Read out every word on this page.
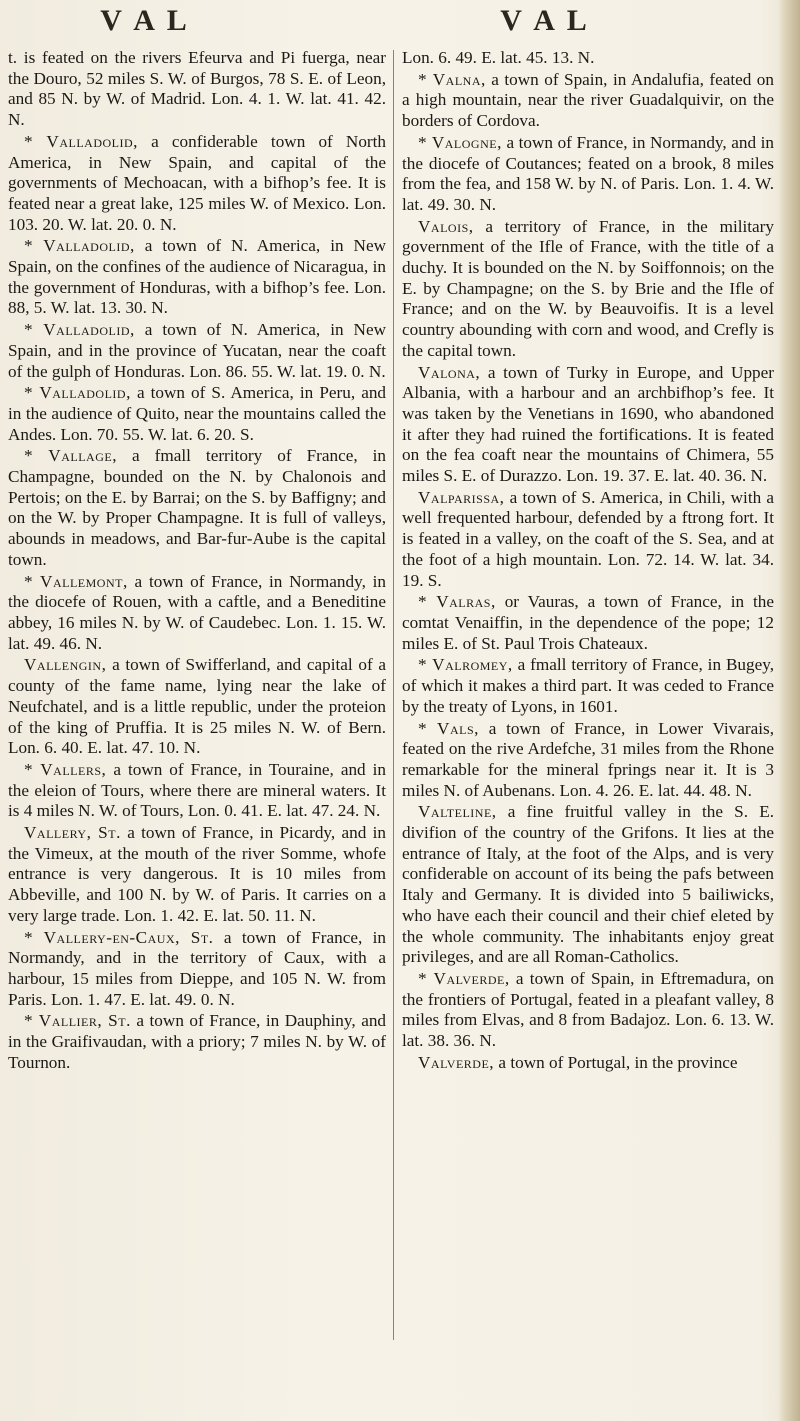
V A L	V A L

t. is feated on the rivers Efeurva and Pi fuerga, near the Douro, 52 miles S. W. of Burgos, 78 S. E. of Leon, and 85 N. by W. of Madrid. Lon. 4. 1. W. lat. 41. 42. N.

* Valladolid, a confiderable town of North America, in New Spain, and capital of the governments of Mechoacan, with a bifhop’s fee. It is feated near a great lake, 125 miles W. of Mexico. Lon. 103. 20. W. lat. 20. 0. N.

* Valladolid, a town of N. America, in New Spain, on the confines of the audience of Nicaragua, in the government of Honduras, with a bifhop’s fee. Lon. 88, 5. W. lat. 13. 30. N.

* Valladolid, a town of N. America, in New Spain, and in the province of Yucatan, near the coaft of the gulph of Honduras. Lon. 86. 55. W. lat. 19. 0. N.

* Valladolid, a town of S. America, in Peru, and in the audience of Quito, near the mountains called the Andes. Lon. 70. 55. W. lat. 6. 20. S.

* Vallage, a fmall territory of France, in Champagne, bounded on the N. by Chalonois and Pertois; on the E. by Barrai; on the S. by Baffigny; and on the W. by Proper Champagne. It is full of valleys, abounds in meadows, and Bar-fur-Aube is the capital town.

* Vallemont, a town of France, in Normandy, in the diocefe of Rouen, with a caftle, and a Beneditine abbey, 16 miles N. by W. of Caudebec. Lon. 1. 15. W. lat. 49. 46. N.

Vallengin, a town of Swifferland, and capital of a county of the fame name, lying near the lake of Neufchatel, and is a little republic, under the proteion of the king of Pruffia. It is 25 miles N. W. of Bern. Lon. 6. 40. E. lat. 47. 10. N.

* Vallers, a town of France, in Touraine, and in the eleion of Tours, where there are mineral waters. It is 4 miles N. W. of Tours, Lon. 0. 41. E. lat. 47. 24. N.

Vallery, St. a town of France, in Picardy, and in the Vimeux, at the mouth of the river Somme, whofe entrance is very dangerous. It is 10 miles from Abbeville, and 100 N. by W. of Paris. It carries on a very large trade. Lon. 1. 42. E. lat. 50. 11. N.

* Vallery-en-Caux, St. a town of France, in Normandy, and in the territory of Caux, with a harbour, 15 miles from Dieppe, and 105 N. W. from Paris. Lon. 1. 47. E. lat. 49. 0. N.

* Vallier, St. a town of France, in Dauphiny, and in the Graifivaudan, with a priory; 7 miles N. by W. of Tournon.

Lon. 6. 49. E. lat. 45. 13. N.

* Valna, a town of Spain, in Andalufia, feated on a high mountain, near the river Guadalquivir, on the borders of Cordova.

* Valogne, a town of France, in Normandy, and in the diocefe of Coutances; feated on a brook, 8 miles from the fea, and 158 W. by N. of Paris. Lon. 1. 4. W. lat. 49. 30. N.

Valois, a territory of France, in the military government of the Ifle of France, with the title of a duchy. It is bounded on the N. by Soiffonnois; on the E. by Champagne; on the S. by Brie and the Ifle of France; and on the W. by Beauvoifis. It is a level country abounding with corn and wood, and Crefly is the capital town.

Valona, a town of Turky in Europe, and Upper Albania, with a harbour and an archbifhop’s fee. It was taken by the Venetians in 1690, who abandoned it after they had ruined the fortifications. It is feated on the fea coaft near the mountains of Chimera, 55 miles S. E. of Durazzo. Lon. 19. 37. E. lat. 40. 36. N.

Valparissa, a town of S. America, in Chili, with a well frequented harbour, defended by a ftrong fort. It is feated in a valley, on the coaft of the S. Sea, and at the foot of a high mountain. Lon. 72. 14. W. lat. 34. 19. S.

* Valras, or Vauras, a town of France, in the comtat Venaiffin, in the dependence of the pope; 12 miles E. of St. Paul Trois Chateaux.

* Valromey, a fmall territory of France, in Bugey, of which it makes a third part. It was ceded to France by the treaty of Lyons, in 1601.

* Vals, a town of France, in Lower Vivarais, feated on the rive Ardefche, 31 miles from the Rhone remarkable for the mineral fprings near it. It is 3 miles N. of Aubenans. Lon. 4. 26. E. lat. 44. 48. N.

Valteline, a fine fruitful valley in the S. E. divifion of the country of the Grifons. It lies at the entrance of Italy, at the foot of the Alps, and is very confiderable on account of its being the pafs between Italy and Germany. It is divided into 5 bailiwicks, who have each their council and their chief eleted by the whole community. The inhabitants enjoy great privileges, and are all Roman-Catholics.

* Valverde, a town of Spain, in Eftremadura, on the frontiers of Portugal, feated in a pleafant valley, 8 miles from Elvas, and 8 from Badajoz. Lon. 6. 13. W. lat. 38. 36. N.

Valverde, a town of Portugal, in the province
